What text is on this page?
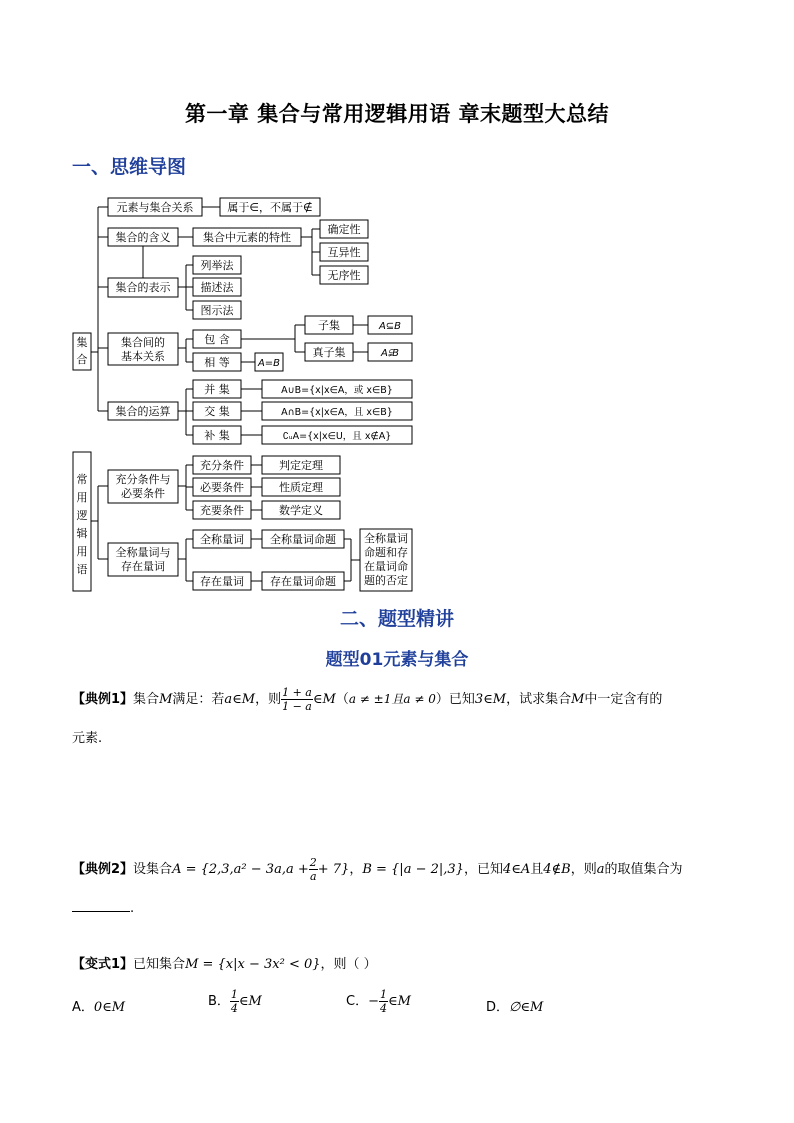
第一章 集合与常用逻辑用语 章末题型大总结
一、思维导图
集
合
常
用
逻
辑
用
语
元素与集合关系	属于∈，不属于∉
集合的含义	集合中元素的特性
确定性
互异性
无序性
集合的表示
列举法
描述法
图示法
集合间的
基本关系
包 含
相 等	A=B
子集
真子集
A⊆B
A⫋B
集合的运算
并 集
交 集
补 集
A∪B={x|x∈A，或 x∈B}
A∩B={x|x∈A，且 x∈B}
∁ᵤA={x|x∈U，且 x∉A}
充分条件与
必要条件
充分条件
必要条件
充要条件
判定定理
性质定理
数学定义
全称量词与
存在量词
全称量词
存在量词
全称量词命题
存在量词命题
全称量词
命题和存
在量词命
题的否定
二、题型精讲
题型01元素与集合
【典例1】集合M满足：若a∈M，则 $\frac{1 + a}{1 - a}$ ∈M（a ≠ ±1且a ≠ 0）已知3∈M，试求集合M中一定含有的
元素.
【典例2】设集合$A = \{2,3,a^2 - 3a,a + \frac{2}{a} + 7\}$，B = {|a − 2|,3}，已知4∈A且4∉B，则a的取值集合为
.
【变式1】已知集合M = {x|x − 3x² < 0}，则（ ）
A．0∈M	B． $\frac{1}{4}$ ∈M	C．− $\frac{1}{4}$ ∈M	D．∅∈M
